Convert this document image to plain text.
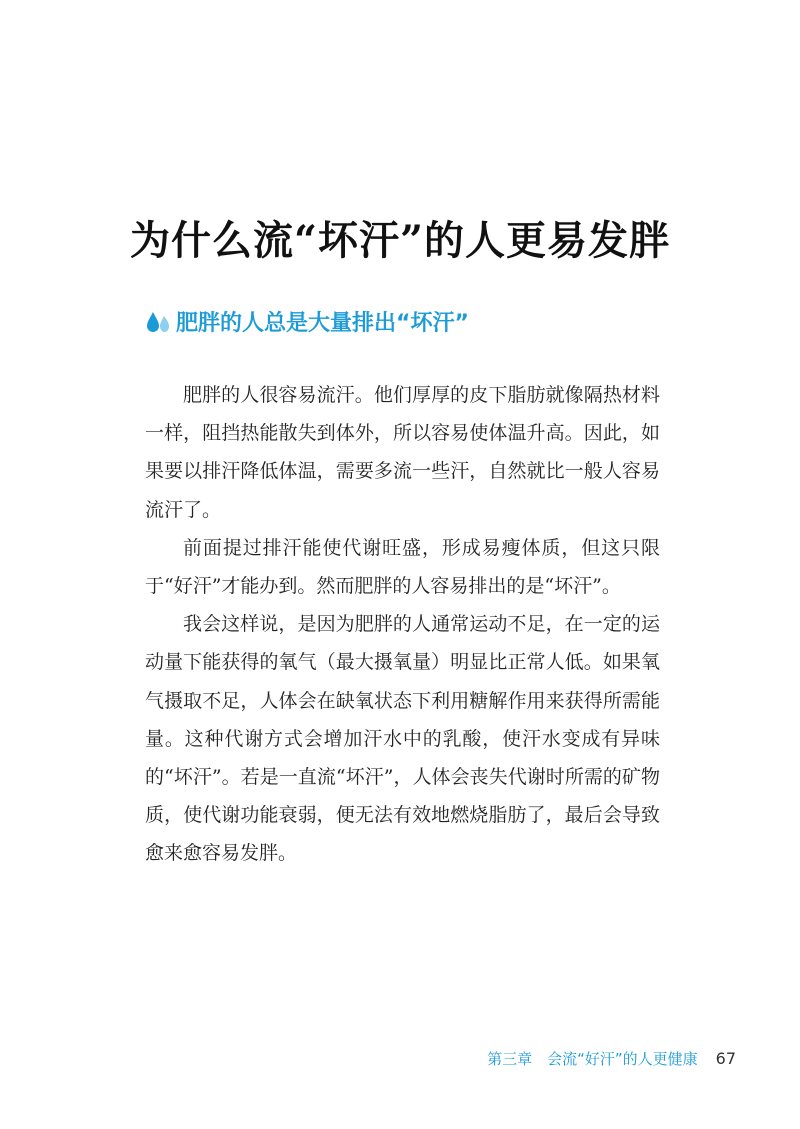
为什么流“坏汗”的人更易发胖
肥胖的人总是大量排出“坏汗”

肥胖的人很容易流汗。他们厚厚的皮下脂肪就像隔热材料一样，阻挡热能散失到体外，所以容易使体温升高。因此，如果要以排汗降低体温，需要多流一些汗，自然就比一般人容易流汗了。

前面提过排汗能使代谢旺盛，形成易瘦体质，但这只限于“好汗”才能办到。然而肥胖的人容易排出的是“坏汗”。

我会这样说，是因为肥胖的人通常运动不足，在一定的运动量下能获得的氧气（最大摄氧量）明显比正常人低。如果氧气摄取不足，人体会在缺氧状态下利用糖解作用来获得所需能量。这种代谢方式会增加汗水中的乳酸，使汗水变成有异味的“坏汗”。若是一直流“坏汗”，人体会丧失代谢时所需的矿物质，使代谢功能衰弱，便无法有效地燃烧脂肪了，最后会导致愈来愈容易发胖。

第三章　会流“好汗”的人更健康 67
